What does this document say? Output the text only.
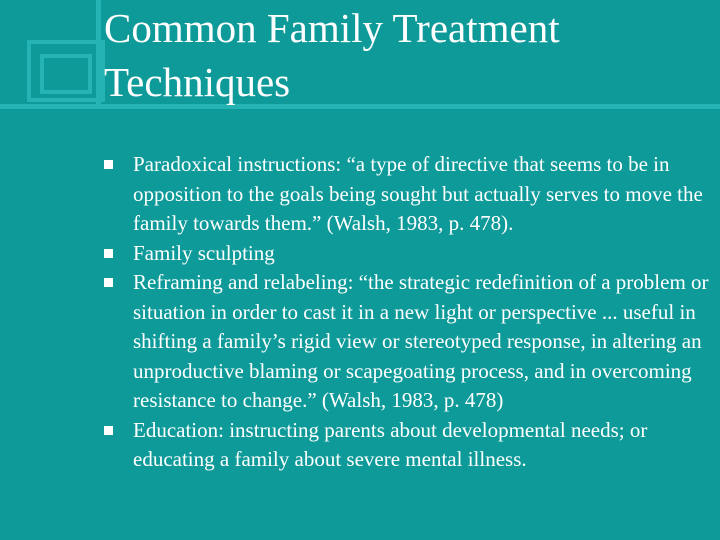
Common Family Treatment Techniques
Paradoxical instructions: “a type of directive that seems to be in opposition to the goals being sought but actually serves to move the family towards them.” (Walsh, 1983, p. 478).
Family sculpting
Reframing and relabeling: “the strategic redefinition of a problem or situation in order to cast it in a new light or perspective ... useful in shifting a family’s rigid view or stereotyped response, in altering an unproductive blaming or scapegoating process, and in overcoming resistance to change.” (Walsh, 1983, p. 478)
Education: instructing parents about developmental needs; or educating a family about severe mental illness.
